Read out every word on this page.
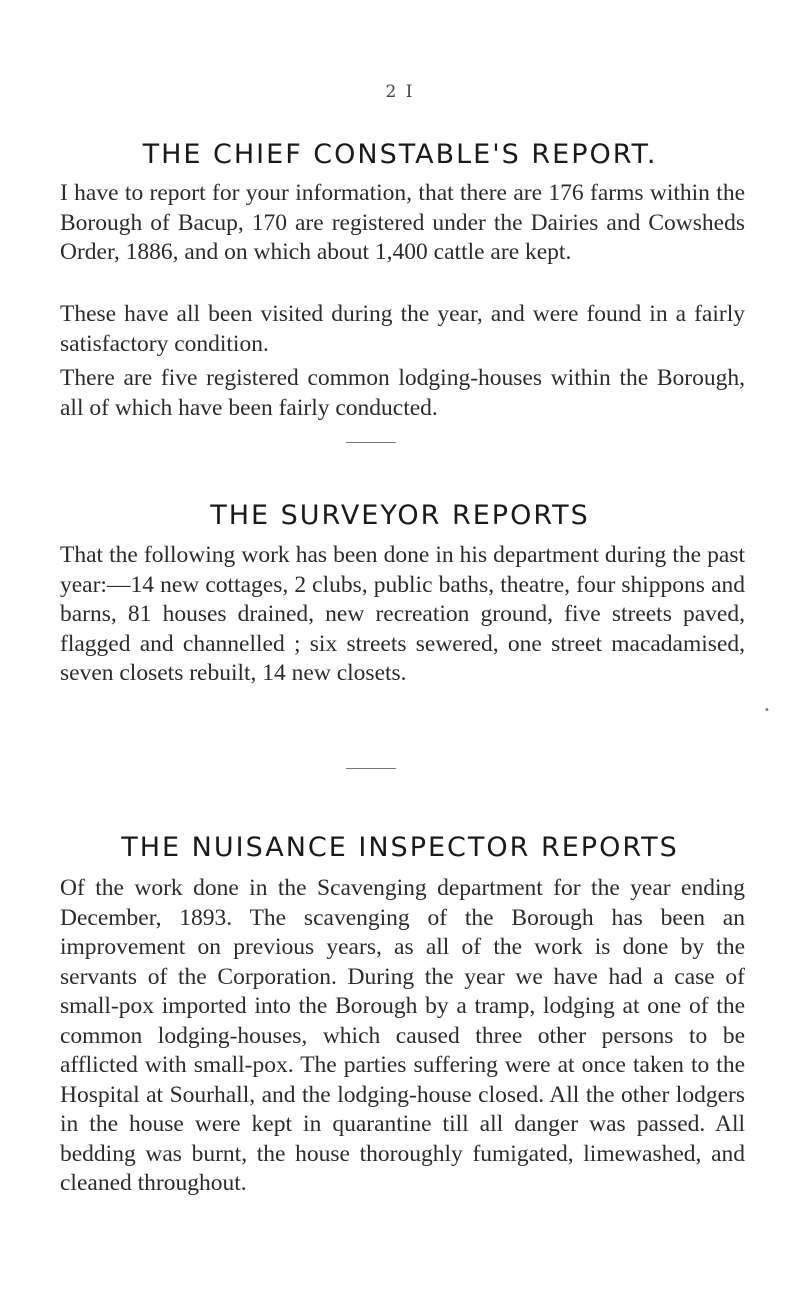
2 I
THE CHIEF CONSTABLE'S REPORT.

I have to report for your information, that there are 176 farms within the Borough of Bacup, 170 are registered under the Dairies and Cowsheds Order, 1886, and on which about 1,400 cattle are kept.

These have all been visited during the year, and were found in a fairly satisfactory condition.

There are five registered common lodging-houses within the Borough, all of which have been fairly conducted.

THE SURVEYOR REPORTS

That the following work has been done in his department during the past year:—14 new cottages, 2 clubs, public baths, theatre, four shippons and barns, 81 houses drained, new recreation ground, five streets paved, flagged and channelled ; six streets sewered, one street macadamised, seven closets rebuilt, 14 new closets.

•
THE NUISANCE INSPECTOR REPORTS

Of the work done in the Scavenging department for the year ending December, 1893. The scavenging of the Borough has been an improvement on previous years, as all of the work is done by the servants of the Corporation. During the year we have had a case of small-pox imported into the Borough by a tramp, lodging at one of the common lodging-houses, which caused three other persons to be afflicted with small-pox. The parties suffering were at once taken to the Hospital at Sourhall, and the lodging-house closed. All the other lodgers in the house were kept in quarantine till all danger was passed. All bedding was burnt, the house thoroughly fumigated, limewashed, and cleaned throughout.
